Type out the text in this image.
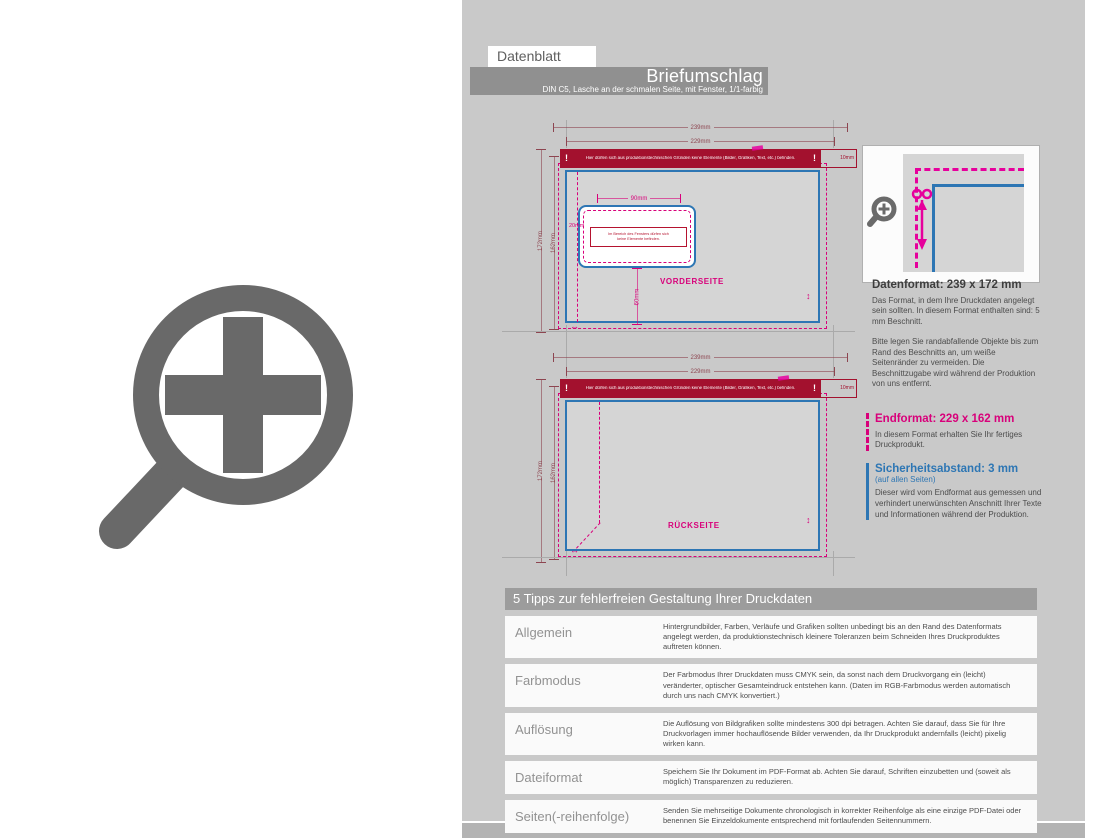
Datenblatt
Briefumschlag
DIN C5, Lasche an der schmalen Seite, mit Fenster, 1/1-farbig
239mm
229mm
!	Hier dürfen sich aus produktionstechnischen Gründen keine Elemente (Bilder, Grafiken, Text, etc.) befinden.	!	10mm
Im Bereich des Fensters dürfen sich
keine Elemente befinden.
90mm
20mm
60mm
VORDERSEITE
172mm	162mm
↔
↕
239mm
229mm
!	Hier dürfen sich aus produktionstechnischen Gründen keine Elemente (Bilder, Grafiken, Text, etc.) befinden.	!	10mm
RÜCKSEITE
172mm	162mm
↔
↕
Datenformat: 239 x 172 mm
Das Format, in dem Ihre Druckdaten angelegt sein sollten. In diesem Format enthalten sind: 5 mm Beschnitt.
Bitte legen Sie randabfallende Objekte bis zum Rand des Beschnitts an, um weiße Seitenränder zu vermeiden. Die Beschnittzugabe wird während der Produktion von uns entfernt.
Endformat: 229 x 162 mm
In diesem Format erhalten Sie Ihr fertiges Druckprodukt.
Sicherheitsabstand: 3 mm
(auf allen Seiten)
Dieser wird vom Endformat aus gemessen und verhindert unerwünschten Anschnitt Ihrer Texte und Informationen während der Produktion.
5 Tipps zur fehlerfreien Gestaltung Ihrer Druckdaten
Allgemein	Hintergrundbilder, Farben, Verläufe und Grafiken sollten unbedingt bis an den Rand des Datenformats angelegt werden, da produktionstechnisch kleinere Toleranzen beim Schneiden Ihres Druckproduktes auftreten können.
Farbmodus	Der Farbmodus Ihrer Druckdaten muss CMYK sein, da sonst nach dem Druckvorgang ein (leicht) veränderter, optischer Gesamteindruck entstehen kann. (Daten im RGB-Farbmodus werden automatisch durch uns nach CMYK konvertiert.)
Auflösung	Die Auflösung von Bildgrafiken sollte mindestens 300 dpi betragen. Achten Sie darauf, dass Sie für Ihre Druckvorlagen immer hochauflösende Bilder verwenden, da Ihr Druckprodukt andernfalls (leicht) pixelig wirken kann.
Dateiformat	Speichern Sie Ihr Dokument im PDF-Format ab. Achten Sie darauf, Schriften einzubetten und (soweit als möglich) Transparenzen zu reduzieren.
Seiten(-reihenfolge)	Senden Sie mehrseitige Dokumente chronologisch in korrekter Reihenfolge als eine einzige PDF-Datei oder benennen Sie Einzeldokumente entsprechend mit fortlaufenden Seitennummern.
